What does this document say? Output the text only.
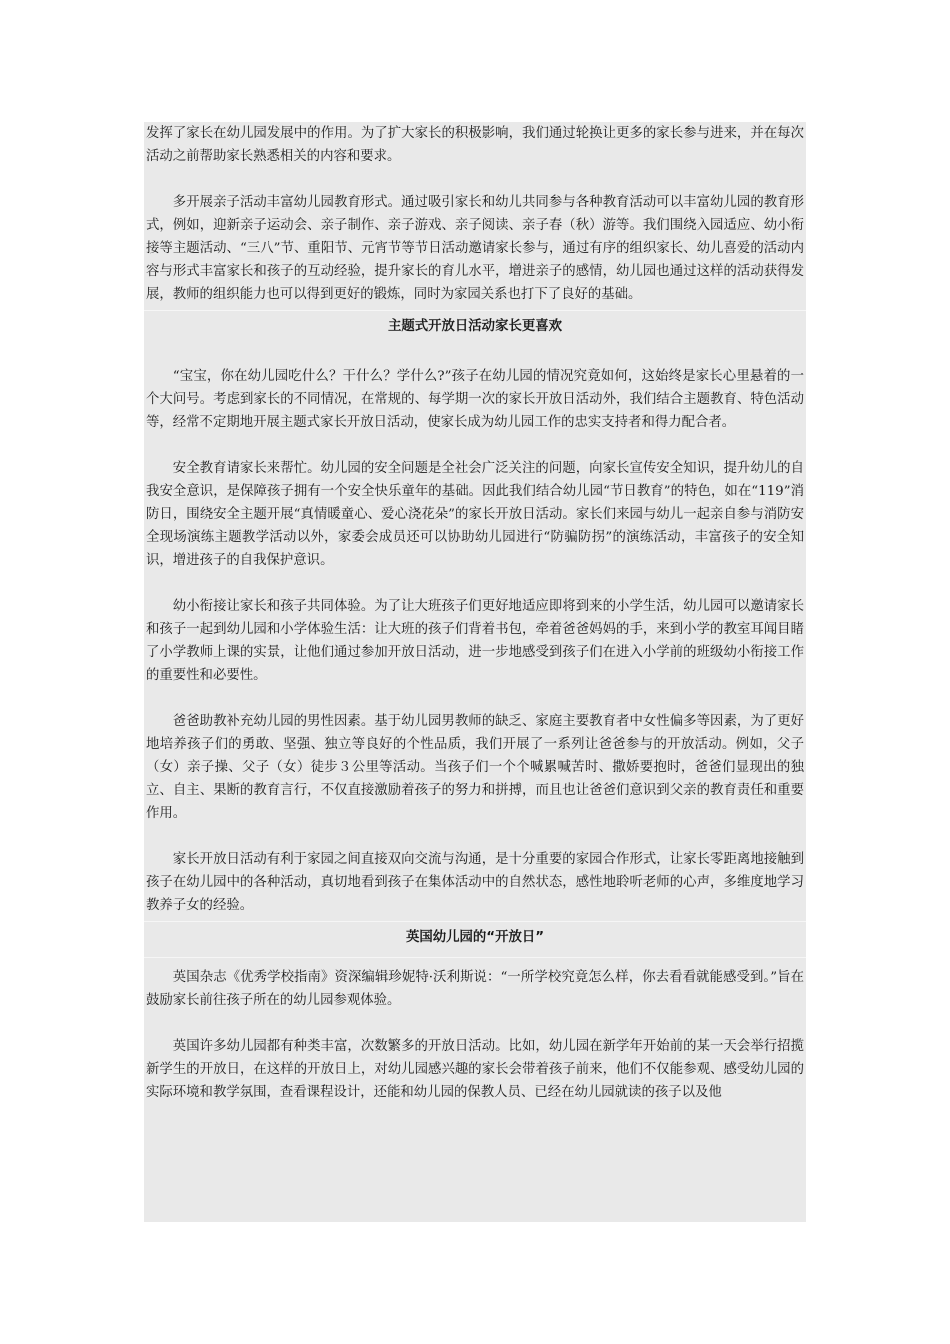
发挥了家长在幼儿园发展中的作用。为了扩大家长的积极影响，我们通过轮换让更多的家长参与进来，并在每次活动之前帮助家长熟悉相关的内容和要求。

多开展亲子活动丰富幼儿园教育形式。通过吸引家长和幼儿共同参与各种教育活动可以丰富幼儿园的教育形式，例如，迎新亲子运动会、亲子制作、亲子游戏、亲子阅读、亲子春（秋）游等。我们围绕入园适应、幼小衔接等主题活动、“三八”节、重阳节、元宵节等节日活动邀请家长参与，通过有序的组织家长、幼儿喜爱的活动内容与形式丰富家长和孩子的互动经验，提升家长的育儿水平，增进亲子的感情，幼儿园也通过这样的活动获得发展，教师的组织能力也可以得到更好的锻炼，同时为家园关系也打下了良好的基础。

主题式开放日活动家长更喜欢

“宝宝，你在幼儿园吃什么？干什么？学什么?”孩子在幼儿园的情况究竟如何，这始终是家长心里悬着的一个大问号。考虑到家长的不同情况，在常规的、每学期一次的家长开放日活动外，我们结合主题教育、特色活动等，经常不定期地开展主题式家长开放日活动，使家长成为幼儿园工作的忠实支持者和得力配合者。

安全教育请家长来帮忙。幼儿园的安全问题是全社会广泛关注的问题，向家长宣传安全知识，提升幼儿的自我安全意识，是保障孩子拥有一个安全快乐童年的基础。因此我们结合幼儿园“节日教育”的特色，如在“119”消防日，围绕安全主题开展“真情暖童心、爱心浇花朵”的家长开放日活动。家长们来园与幼儿一起亲自参与消防安全现场演练主题教学活动以外，家委会成员还可以协助幼儿园进行“防骗防拐”的演练活动，丰富孩子的安全知识，增进孩子的自我保护意识。

幼小衔接让家长和孩子共同体验。为了让大班孩子们更好地适应即将到来的小学生活，幼儿园可以邀请家长和孩子一起到幼儿园和小学体验生活：让大班的孩子们背着书包，牵着爸爸妈妈的手，来到小学的教室耳闻目睹了小学教师上课的实景，让他们通过参加开放日活动，进一步地感受到孩子们在进入小学前的班级幼小衔接工作的重要性和必要性。

爸爸助教补充幼儿园的男性因素。基于幼儿园男教师的缺乏、家庭主要教育者中女性偏多等因素，为了更好地培养孩子们的勇敢、坚强、独立等良好的个性品质，我们开展了一系列让爸爸参与的开放活动。例如，父子（女）亲子操、父子（女）徒步３公里等活动。当孩子们一个个喊累喊苦时、撒娇要抱时，爸爸们显现出的独立、自主、果断的教育言行，不仅直接激励着孩子的努力和拼搏，而且也让爸爸们意识到父亲的教育责任和重要作用。

家长开放日活动有利于家园之间直接双向交流与沟通，是十分重要的家园合作形式，让家长零距离地接触到孩子在幼儿园中的各种活动，真切地看到孩子在集体活动中的自然状态，感性地聆听老师的心声，多维度地学习教养子女的经验。

英国幼儿园的“开放日”

英国杂志《优秀学校指南》资深编辑珍妮特·沃利斯说：“一所学校究竟怎么样，你去看看就能感受到。”旨在鼓励家长前往孩子所在的幼儿园参观体验。

英国许多幼儿园都有种类丰富，次数繁多的开放日活动。比如，幼儿园在新学年开始前的某一天会举行招揽新学生的开放日，在这样的开放日上，对幼儿园感兴趣的家长会带着孩子前来，他们不仅能参观、感受幼儿园的实际环境和教学氛围，查看课程设计，还能和幼儿园的保教人员、已经在幼儿园就读的孩子以及他
